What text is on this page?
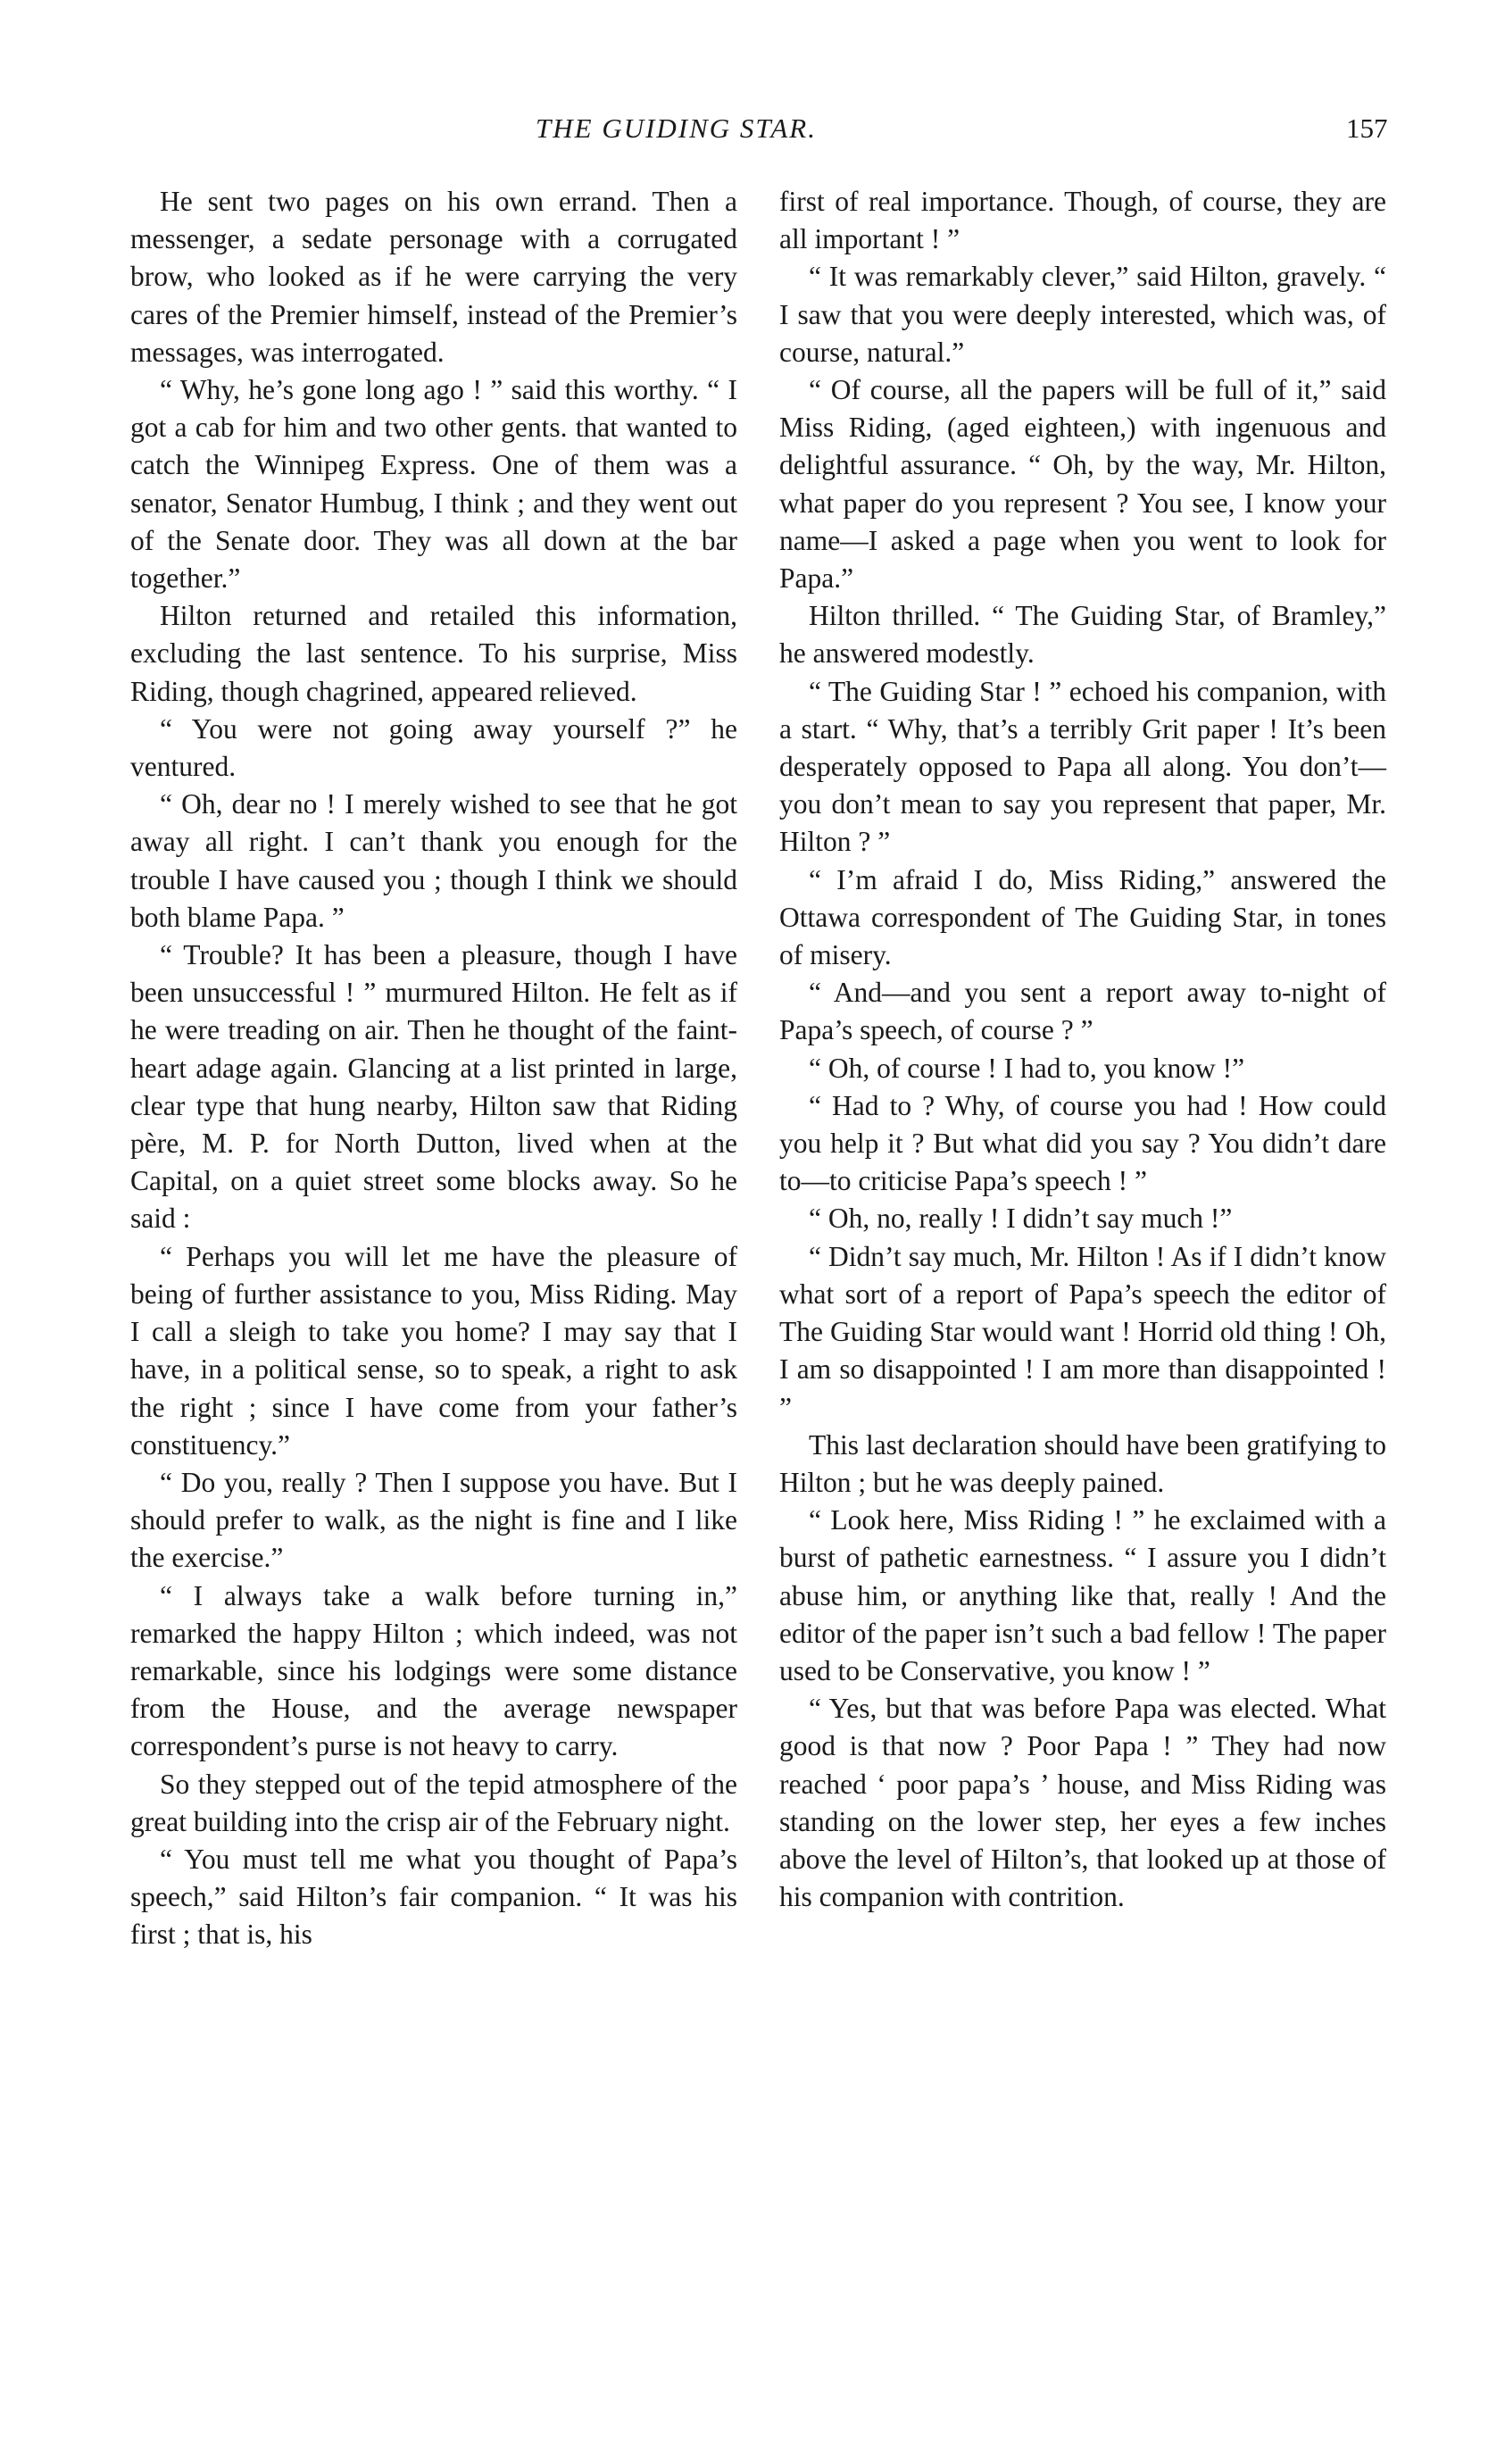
THE GUIDING STAR.	157

He sent two pages on his own errand. Then a messenger, a sedate personage with a corrugated brow, who looked as if he were carrying the very cares of the Premier himself, instead of the Premier’s messages, was interrogated.

“ Why, he’s gone long ago ! ” said this worthy. “ I got a cab for him and two other gents. that wanted to catch the Winnipeg Express. One of them was a senator, Senator Humbug, I think ; and they went out of the Senate door. They was all down at the bar together.”

Hilton returned and retailed this information, excluding the last sentence. To his surprise, Miss Riding, though chagrined, appeared relieved.

“ You were not going away yourself ?” he ventured.

“ Oh, dear no ! I merely wished to see that he got away all right. I can’t thank you enough for the trouble I have caused you ; though I think we should both blame Papa. ”

“ Trouble? It has been a pleasure, though I have been unsuccessful ! ” murmured Hilton. He felt as if he were treading on air. Then he thought of the faint-heart adage again. Glancing at a list printed in large, clear type that hung nearby, Hilton saw that Riding père, M. P. for North Dutton, lived when at the Capital, on a quiet street some blocks away. So he said :

“ Perhaps you will let me have the pleasure of being of further assistance to you, Miss Riding. May I call a sleigh to take you home? I may say that I have, in a political sense, so to speak, a right to ask the right ; since I have come from your father’s constituency.”

“ Do you, really ? Then I suppose you have. But I should prefer to walk, as the night is fine and I like the exercise.”

“ I always take a walk before turning in,” remarked the happy Hilton ; which indeed, was not remarkable, since his lodgings were some distance from the House, and the average newspaper correspondent’s purse is not heavy to carry.

So they stepped out of the tepid atmosphere of the great building into the crisp air of the February night.

“ You must tell me what you thought of Papa’s speech,” said Hilton’s fair companion. “ It was his first ; that is, his

first of real importance. Though, of course, they are all important ! ”

“ It was remarkably clever,” said Hilton, gravely. “ I saw that you were deeply interested, which was, of course, natural.”

“ Of course, all the papers will be full of it,” said Miss Riding, (aged eighteen,) with ingenuous and delightful assurance. “ Oh, by the way, Mr. Hilton, what paper do you represent ? You see, I know your name—I asked a page when you went to look for Papa.”

Hilton thrilled. “ The Guiding Star, of Bramley,” he answered modestly.

“ The Guiding Star ! ” echoed his companion, with a start. “ Why, that’s a terribly Grit paper ! It’s been desperately opposed to Papa all along. You don’t—you don’t mean to say you represent that paper, Mr. Hilton ? ”

“ I’m afraid I do, Miss Riding,” answered the Ottawa correspondent of The Guiding Star, in tones of misery.

“ And—and you sent a report away to-night of Papa’s speech, of course ? ”

“ Oh, of course ! I had to, you know !”

“ Had to ? Why, of course you had ! How could you help it ? But what did you say ? You didn’t dare to—to criticise Papa’s speech ! ”

“ Oh, no, really ! I didn’t say much !”

“ Didn’t say much, Mr. Hilton ! As if I didn’t know what sort of a report of Papa’s speech the editor of The Guiding Star would want ! Horrid old thing ! Oh, I am so disappointed ! I am more than disappointed ! ”

This last declaration should have been gratifying to Hilton ; but he was deeply pained.

“ Look here, Miss Riding ! ” he exclaimed with a burst of pathetic earnestness. “ I assure you I didn’t abuse him, or anything like that, really ! And the editor of the paper isn’t such a bad fellow ! The paper used to be Conservative, you know ! ”

“ Yes, but that was before Papa was elected. What good is that now ? Poor Papa ! ” They had now reached ‘ poor papa’s ’ house, and Miss Riding was standing on the lower step, her eyes a few inches above the level of Hilton’s, that looked up at those of his companion with contrition.
